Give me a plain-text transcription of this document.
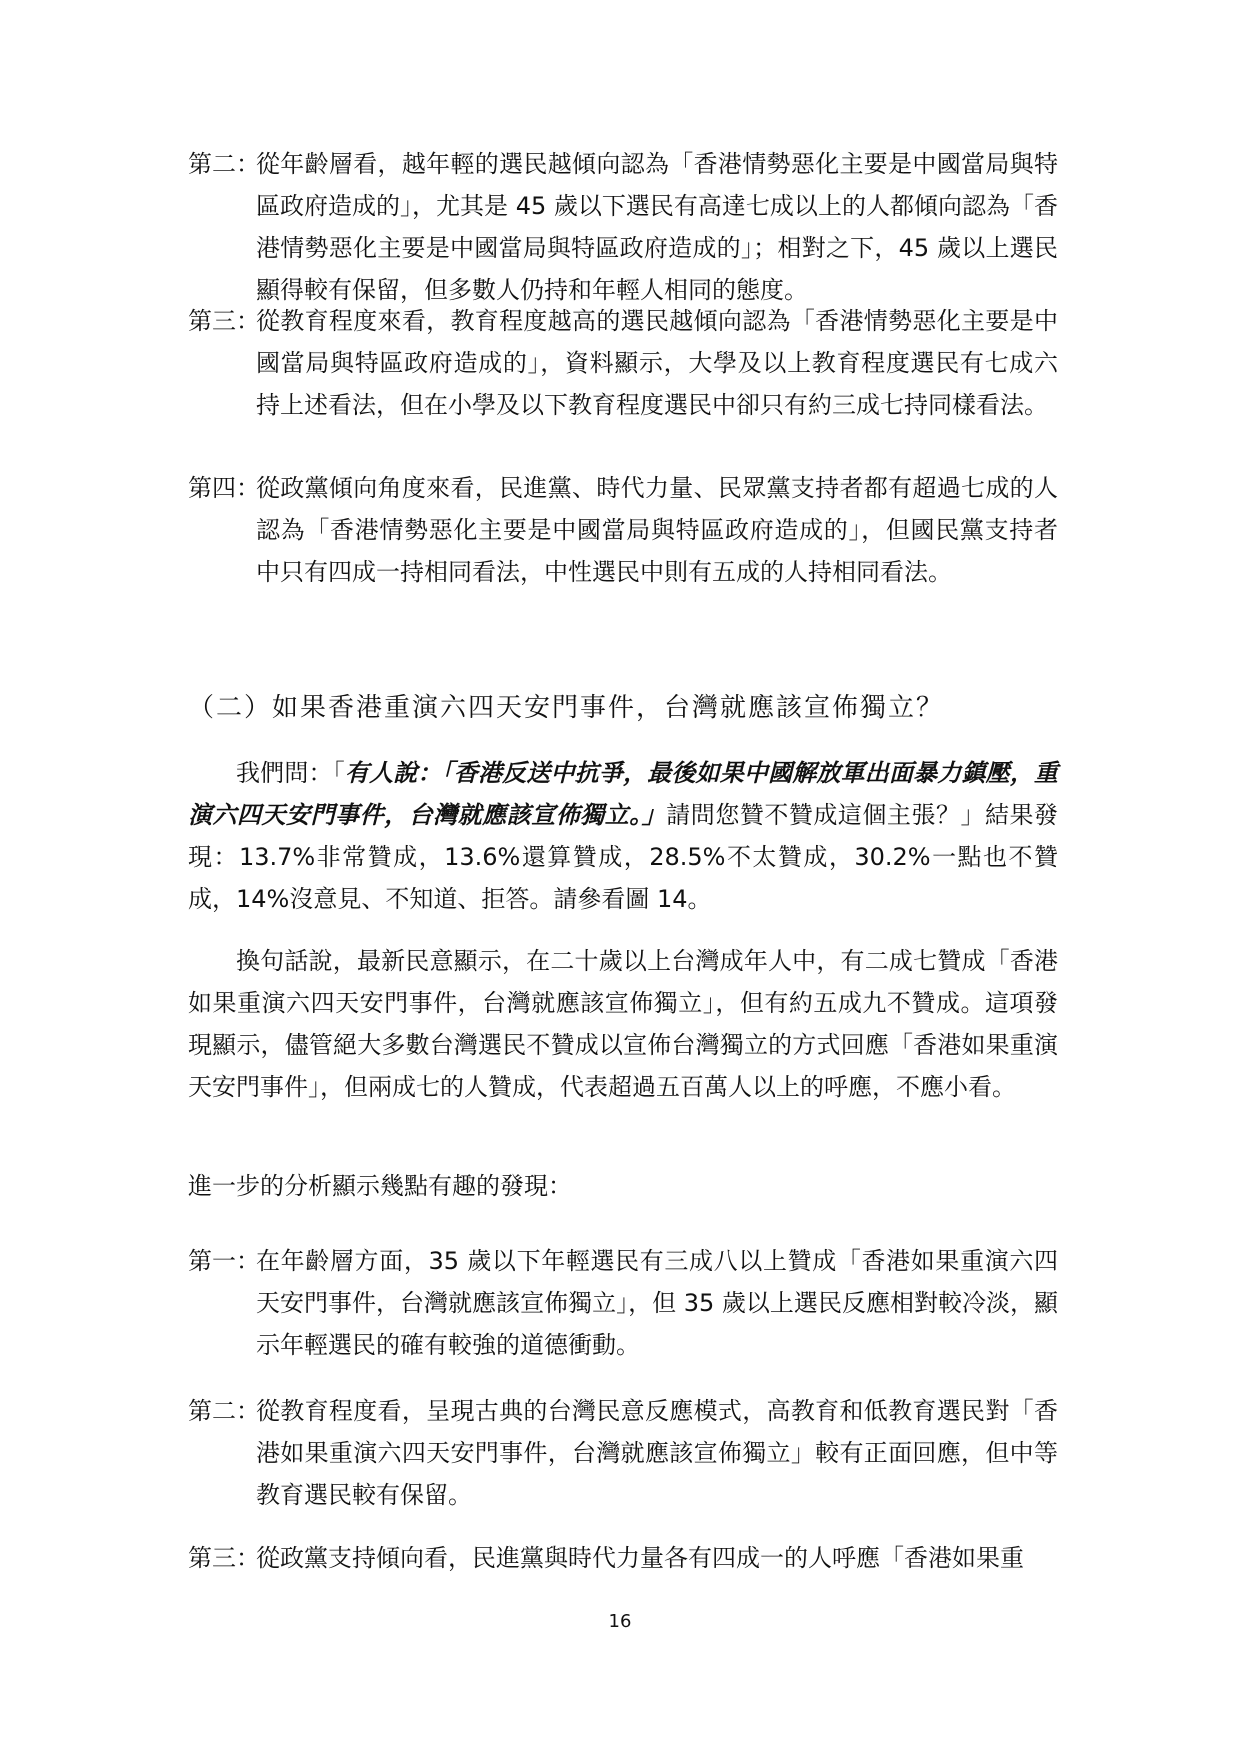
第二：
從年齡層看，越年輕的選民越傾向認為「香港情勢惡化主要是中國當局與特區政府造成的」，尤其是 45 歲以下選民有高達七成以上的人都傾向認為「香港情勢惡化主要是中國當局與特區政府造成的」；相對之下，45 歲以上選民顯得較有保留，但多數人仍持和年輕人相同的態度。
第三：
從教育程度來看，教育程度越高的選民越傾向認為「香港情勢惡化主要是中國當局與特區政府造成的」，資料顯示，大學及以上教育程度選民有七成六持上述看法，但在小學及以下教育程度選民中卻只有約三成七持同樣看法。
第四：
從政黨傾向角度來看，民進黨、時代力量、民眾黨支持者都有超過七成的人認為「香港情勢惡化主要是中國當局與特區政府造成的」，但國民黨支持者中只有四成一持相同看法，中性選民中則有五成的人持相同看法。
（二）如果香港重演六四天安門事件，台灣就應該宣佈獨立？
我們問：「有人說：「香港反送中抗爭，最後如果中國解放軍出面暴力鎮壓，重演六四天安門事件，台灣就應該宣佈獨立。」請問您贊不贊成這個主張？」結果發現：13.7%非常贊成，13.6%還算贊成，28.5%不太贊成，30.2%一點也不贊成，14%沒意見、不知道、拒答。請參看圖 14。
換句話說，最新民意顯示，在二十歲以上台灣成年人中，有二成七贊成「香港如果重演六四天安門事件，台灣就應該宣佈獨立」，但有約五成九不贊成。這項發現顯示，儘管絕大多數台灣選民不贊成以宣佈台灣獨立的方式回應「香港如果重演天安門事件」，但兩成七的人贊成，代表超過五百萬人以上的呼應，不應小看。
進一步的分析顯示幾點有趣的發現：
第一：
在年齡層方面，35 歲以下年輕選民有三成八以上贊成「香港如果重演六四天安門事件，台灣就應該宣佈獨立」，但 35 歲以上選民反應相對較冷淡，顯示年輕選民的確有較強的道德衝動。
第二：
從教育程度看，呈現古典的台灣民意反應模式，高教育和低教育選民對「香港如果重演六四天安門事件，台灣就應該宣佈獨立」較有正面回應，但中等教育選民較有保留。
第三：
從政黨支持傾向看，民進黨與時代力量各有四成一的人呼應「香港如果重
16
